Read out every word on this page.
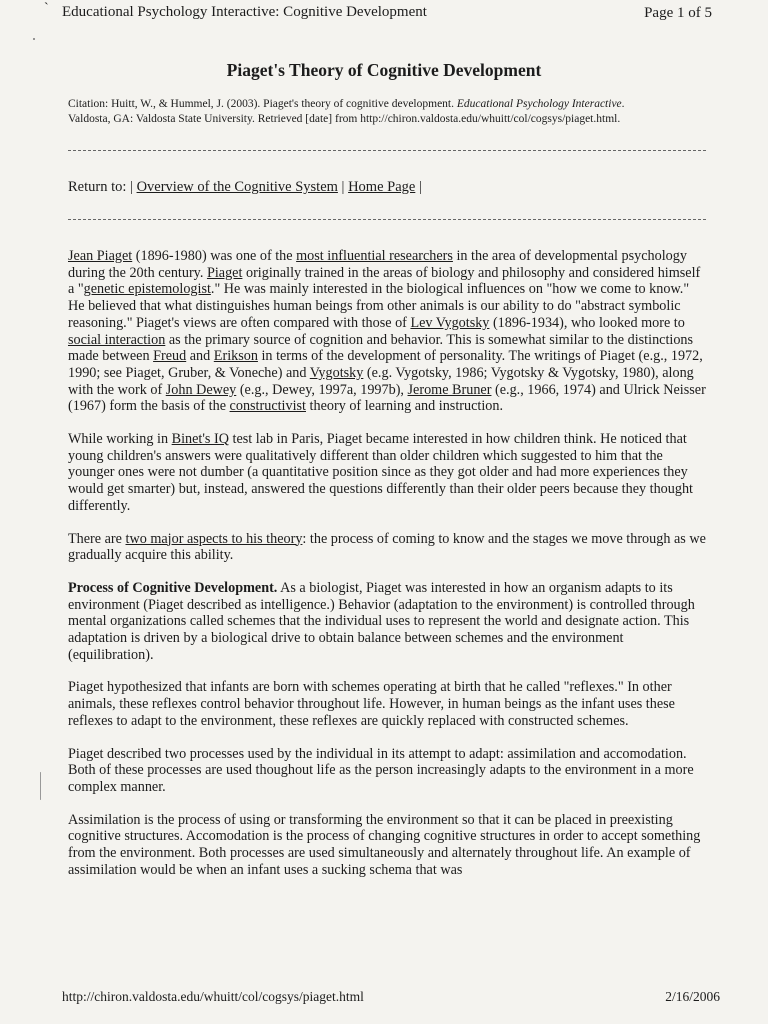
` Educational Psychology Interactive: Cognitive Development	Page 1 of 5
Piaget's Theory of Cognitive Development
Citation: Huitt, W., & Hummel, J. (2003). Piaget's theory of cognitive development. Educational Psychology Interactive.
Valdosta, GA: Valdosta State University. Retrieved [date] from http://chiron.valdosta.edu/whuitt/col/cogsys/piaget.html.
Return to: | Overview of the Cognitive System | Home Page |

Jean Piaget (1896-1980) was one of the most influential researchers in the area of developmental psychology during the 20th century. Piaget originally trained in the areas of biology and philosophy and considered himself a "genetic epistemologist." He was mainly interested in the biological influences on "how we come to know." He believed that what distinguishes human beings from other animals is our ability to do "abstract symbolic reasoning." Piaget's views are often compared with those of Lev Vygotsky (1896-1934), who looked more to social interaction as the primary source of cognition and behavior. This is somewhat similar to the distinctions made between Freud and Erikson in terms of the development of personality. The writings of Piaget (e.g., 1972, 1990; see Piaget, Gruber, & Voneche) and Vygotsky (e.g. Vygotsky, 1986; Vygotsky & Vygotsky, 1980), along with the work of John Dewey (e.g., Dewey, 1997a, 1997b), Jerome Bruner (e.g., 1966, 1974) and Ulrick Neisser (1967) form the basis of the constructivist theory of learning and instruction.

While working in Binet's IQ test lab in Paris, Piaget became interested in how children think. He noticed that young children's answers were qualitatively different than older children which suggested to him that the younger ones were not dumber (a quantitative position since as they got older and had more experiences they would get smarter) but, instead, answered the questions differently than their older peers because they thought differently.

There are two major aspects to his theory: the process of coming to know and the stages we move through as we gradually acquire this ability.

Process of Cognitive Development. As a biologist, Piaget was interested in how an organism adapts to its environment (Piaget described as intelligence.) Behavior (adaptation to the environment) is controlled through mental organizations called schemes that the individual uses to represent the world and designate action. This adaptation is driven by a biological drive to obtain balance between schemes and the environment (equilibration).

Piaget hypothesized that infants are born with schemes operating at birth that he called "reflexes." In other animals, these reflexes control behavior throughout life. However, in human beings as the infant uses these reflexes to adapt to the environment, these reflexes are quickly replaced with constructed schemes.

Piaget described two processes used by the individual in its attempt to adapt: assimilation and accomodation. Both of these processes are used thoughout life as the person increasingly adapts to the environment in a more complex manner.

Assimilation is the process of using or transforming the environment so that it can be placed in preexisting cognitive structures. Accomodation is the process of changing cognitive structures in order to accept something from the environment. Both processes are used simultaneously and alternately throughout life. An example of assimilation would be when an infant uses a sucking schema that was

http://chiron.valdosta.edu/whuitt/col/cogsys/piaget.html	2/16/2006
